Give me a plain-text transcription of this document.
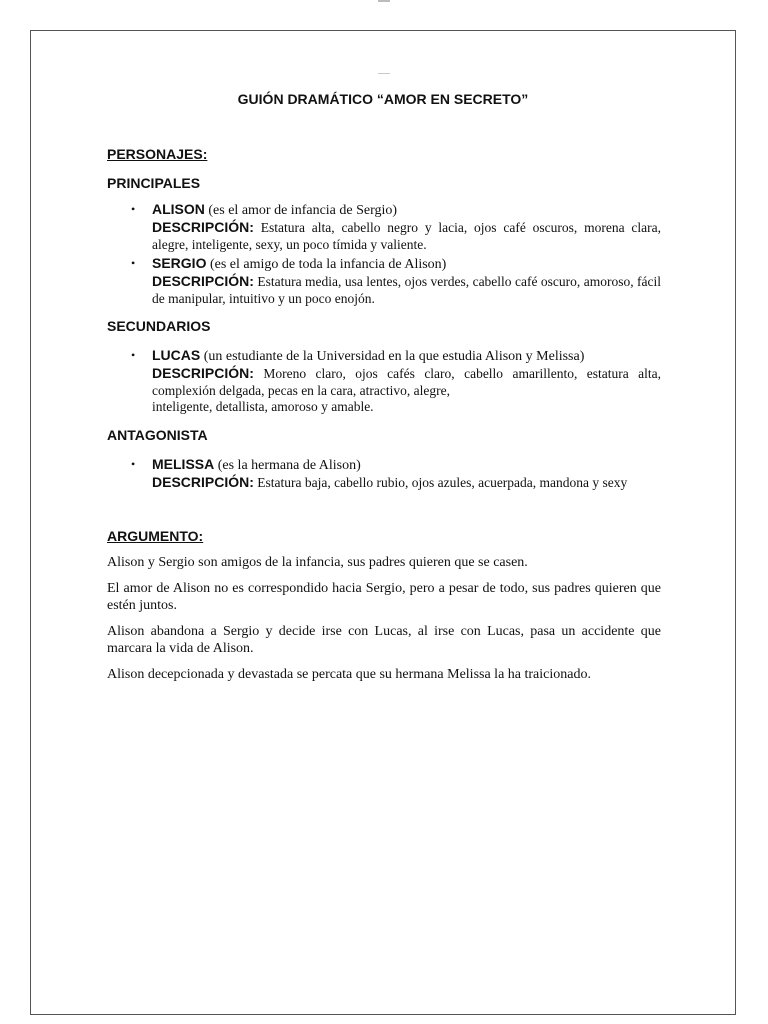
GUIÓN DRAMÁTICO “AMOR EN SECRETO”

PERSONAJES:

PRINCIPALES

• ALISON (es el amor de infancia de Sergio)
DESCRIPCIÓN: Estatura alta, cabello negro y lacia, ojos café oscuros, morena clara, alegre, inteligente, sexy, un poco tímida y valiente.
• SERGIO (es el amigo de toda la infancia de Alison)
DESCRIPCIÓN: Estatura media, usa lentes, ojos verdes, cabello café oscuro, amoroso, fácil de manipular, intuitivo y un poco enojón.

SECUNDARIOS

• LUCAS (un estudiante de la Universidad en la que estudia Alison y Melissa)
DESCRIPCIÓN: Moreno claro, ojos cafés claro, cabello amarillento, estatura alta, complexión delgada, pecas en la cara, atractivo, alegre,
inteligente, detallista, amoroso y amable.

ANTAGONISTA

• MELISSA (es la hermana de Alison)
DESCRIPCIÓN: Estatura baja, cabello rubio, ojos azules, acuerpada, mandona y sexy

ARGUMENTO:

Alison y Sergio son amigos de la infancia, sus padres quieren que se casen.

El amor de Alison no es correspondido hacia Sergio, pero a pesar de todo, sus padres quieren que estén juntos.

Alison abandona a Sergio y decide irse con Lucas, al irse con Lucas, pasa un accidente que marcara la vida de Alison.

Alison decepcionada y devastada se percata que su hermana Melissa la ha traicionado.
